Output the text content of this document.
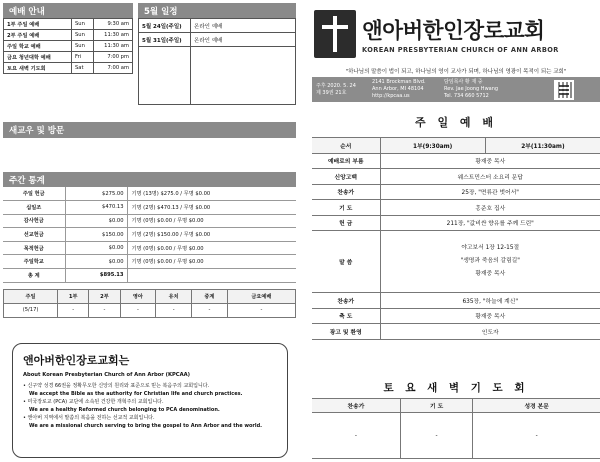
예배 안내
1부 주일 예배	Sun	9:30 am
2부 주일 예배	Sun	11:30 am
주일 학교 예배	Sun	11:30 am
금요 청년대학 예배	Fri	7:00 pm
토요 새벽 기도회	Sat	7:00 am
5월 일정
5월 24일(주일)	온라인 예배
5월 31일(주일)	온라인 예배

새교우 및 방문
주간 통계
주일 헌금	$275.00	기명 (13명) $275.0 / 무명 $0.00
십일조	$470.13	기명 (2명) $470.13 / 무명 $0.00
감사헌금	$0.00	기명 (0명) $0.00 / 무명 $0.00
선교헌금	$150.00	기명 (2명) $150.00 / 무명 $0.00
목적헌금	$0.00	기명 (0명) $0.00 / 무명 $0.00
주일학교	$0.00	기명 (0명) $0.00 / 무명 $0.00
총 계	$895.13	
주일	1부	2부	영아	유치	중계	금요예배
(5/17)	-	-	-	-	-	-
앤아버한인장로교회는
About Korean Presbyterian Church of Ann Arbor (KPCAA)
• 신구약 성경 66권을 정확무오한 신앙의 원리와 표준으로 믿는 복음주의 교회입니다.
We accept the Bible as the authority for Christian life and church practices.
• 미국장로교 (PCA) 교단에 소속된 건강한 개혁주의 교회입니다.
We are a healthy Reformed church belonging to PCA denomination.
• 앤아버 지역에서 말씀의 복음을 전하는 선교적 교회입니다.
We are a missional church serving to bring the gospel to Ann Arbor and the world.
앤아버한인장로교회
KOREAN PRESBYTERIAN CHURCH OF ANN ARBOR
"하나님의 말씀이 법이 되고, 하나님의 영이 교사가 되며, 하나님의 영광이 목적이 되는 교회"
주후 2020. 5. 24
제 39권 21호
2141 Brockman Blvd.
Ann Arbor, MI 48104
http://kpcaa.us
담임목사 황 재 중
Rev. Jae Joong Hwang
Tel. 734 660 5712
주 일 예 배
순서	1부(9:30am)	2부(11:30am)
예배로의 부름	황재중 목사	
신앙고백	웨스트민스터 소요리 문답	
찬송가	25장, "면류관 벗어서"	
기 도	홍준호 집사	
헌 금	211장, "값비싼 향유를 주께 드린"	
말 씀	야고보서 1장 12-15절
"생명과 죽음의 갈림길"
황재중 목사	

찬송가	635장, "하늘에 계신"	
축 도	황재중 목사	
광고 및 환영	인도자	
토 요 새 벽 기 도 회
찬송가	기 도	성경 본문
-	-	-
